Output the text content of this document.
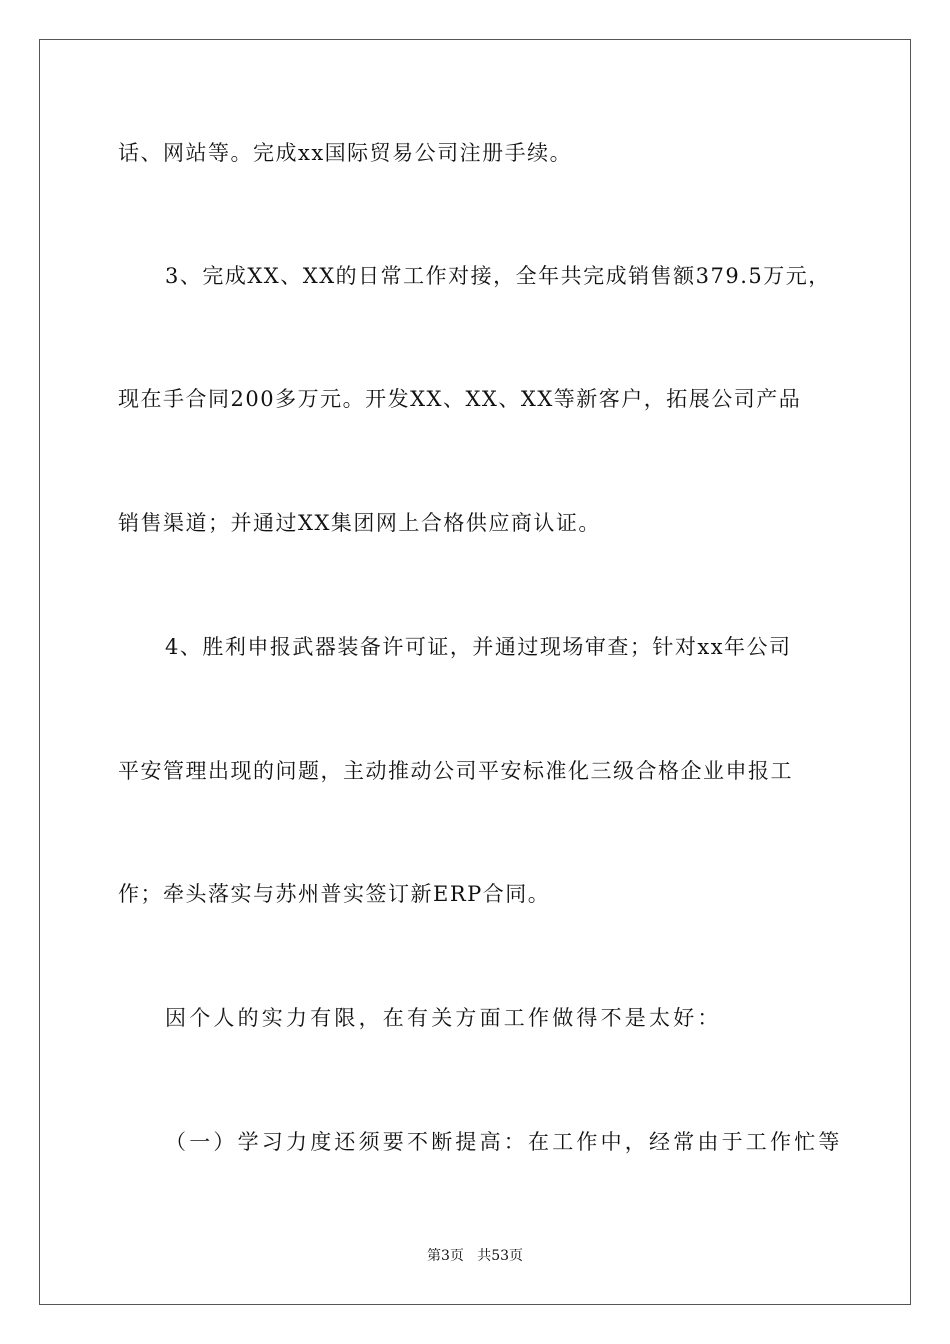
话、网站等。完成xx国际贸易公司注册手续。
3、完成XX、XX的日常工作对接，全年共完成销售额379.5万元，
现在手合同200多万元。开发XX、XX、XX等新客户，拓展公司产品
销售渠道；并通过XX集团网上合格供应商认证。
4、胜利申报武器装备许可证，并通过现场审查；针对xx年公司
平安管理出现的问题，主动推动公司平安标准化三级合格企业申报工
作；牵头落实与苏州普实签订新ERP合同。
因个人的实力有限，在有关方面工作做得不是太好：
（一）学习力度还须要不断提高：在工作中，经常由于工作忙等
第3页   共53页
